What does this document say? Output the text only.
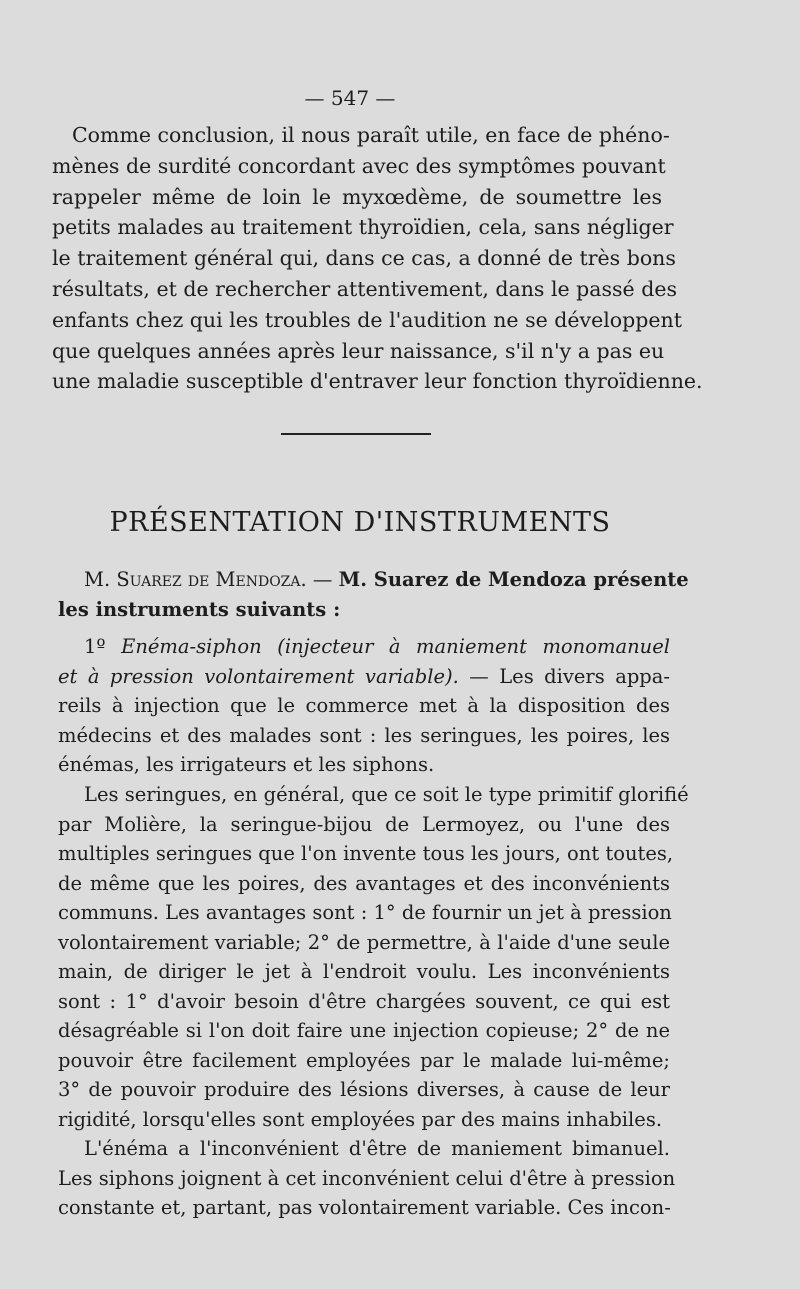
— 547 —

Comme conclusion, il nous paraît utile, en face de phéno-
mènes de surdité concordant avec des symptômes pouvant
rappeler même de loin le myxœdème, de soumettre les
petits malades au traitement thyroïdien, cela, sans négliger
le traitement général qui, dans ce cas, a donné de très bons
résultats, et de rechercher attentivement, dans le passé des
enfants chez qui les troubles de l'audition ne se développent
que quelques années après leur naissance, s'il n'y a pas eu
une maladie susceptible d'entraver leur fonction thyroïdienne.

PRÉSENTATION D'INSTRUMENTS

M. Suarez de Mendoza. — M. Suarez de Mendoza présente
les instruments suivants :

1º Enéma-siphon (injecteur à maniement monomanuel
et à pression volontairement variable). — Les divers appa-
reils à injection que le commerce met à la disposition des
médecins et des malades sont : les seringues, les poires, les
énémas, les irrigateurs et les siphons.

Les seringues, en général, que ce soit le type primitif glorifié
par Molière, la seringue-bijou de Lermoyez, ou l'une des
multiples seringues que l'on invente tous les jours, ont toutes,
de même que les poires, des avantages et des inconvénients
communs. Les avantages sont : 1° de fournir un jet à pression
volontairement variable; 2° de permettre, à l'aide d'une seule
main, de diriger le jet à l'endroit voulu. Les inconvénients
sont : 1° d'avoir besoin d'être chargées souvent, ce qui est
désagréable si l'on doit faire une injection copieuse; 2° de ne
pouvoir être facilement employées par le malade lui-même;
3° de pouvoir produire des lésions diverses, à cause de leur
rigidité, lorsqu'elles sont employées par des mains inhabiles.

L'énéma a l'inconvénient d'être de maniement bimanuel.
Les siphons joignent à cet inconvénient celui d'être à pression
constante et, partant, pas volontairement variable. Ces incon-
